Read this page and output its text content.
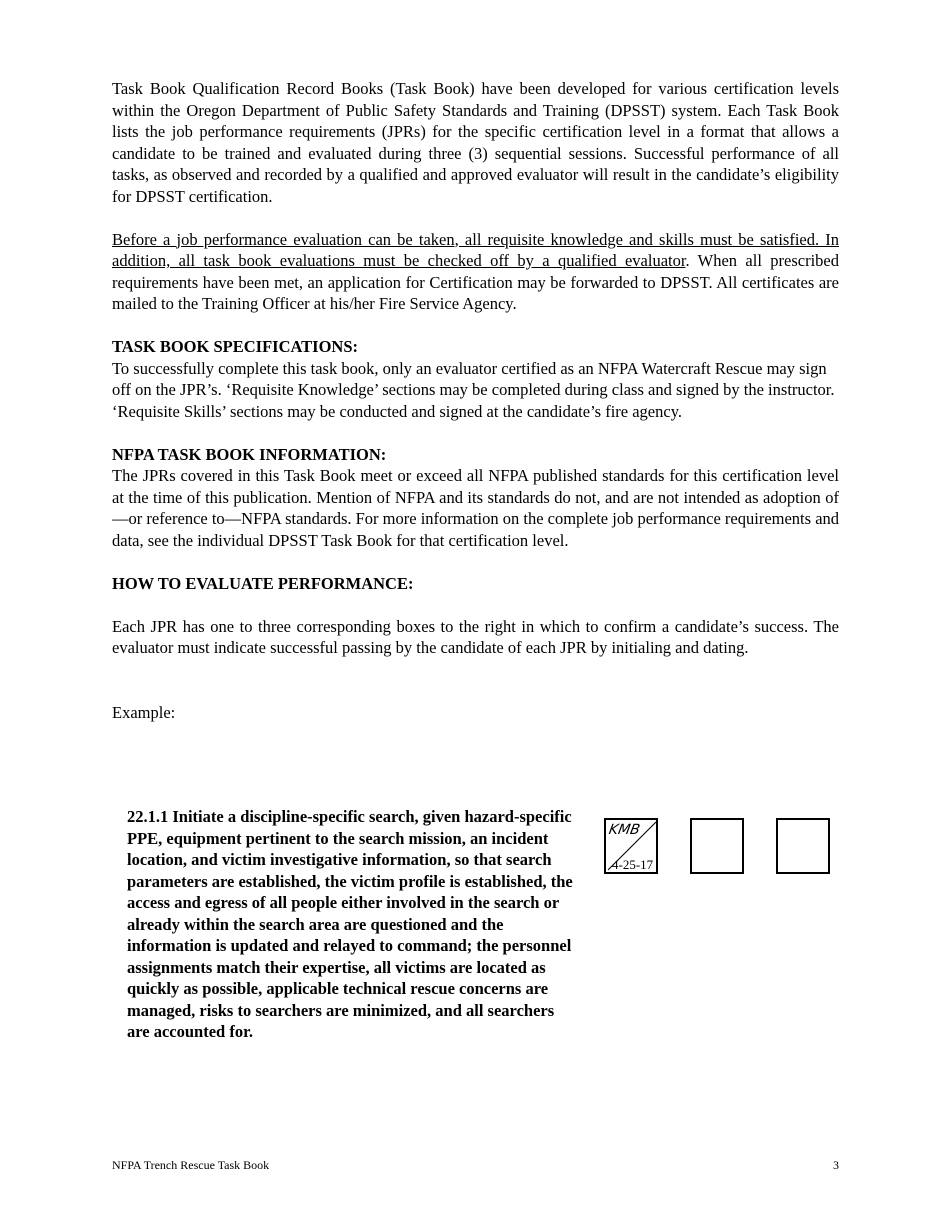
Task Book Qualification Record Books (Task Book) have been developed for various certification levels within the Oregon Department of Public Safety Standards and Training (DPSST) system. Each Task Book lists the job performance requirements (JPRs) for the specific certification level in a format that allows a candidate to be trained and evaluated during three (3) sequential sessions. Successful performance of all tasks, as observed and recorded by a qualified and approved evaluator will result in the candidate’s eligibility for DPSST certification.

Before a job performance evaluation can be taken, all requisite knowledge and skills must be satisfied. In addition, all task book evaluations must be checked off by a qualified evaluator. When all prescribed requirements have been met, an application for Certification may be forwarded to DPSST. All certificates are mailed to the Training Officer at his/her Fire Service Agency.

TASK BOOK SPECIFICATIONS:

To successfully complete this task book, only an evaluator certified as an NFPA Watercraft Rescue may sign off on the JPR’s. ‘Requisite Knowledge’ sections may be completed during class and signed by the instructor. ‘Requisite Skills’ sections may be conducted and signed at the candidate’s fire agency.

NFPA TASK BOOK INFORMATION:

The JPRs covered in this Task Book meet or exceed all NFPA published standards for this certification level at the time of this publication. Mention of NFPA and its standards do not, and are not intended as adoption of—or reference to—NFPA standards. For more information on the complete job performance requirements and data, see the individual DPSST Task Book for that certification level.

HOW TO EVALUATE PERFORMANCE:

Each JPR has one to three corresponding boxes to the right in which to confirm a candidate’s success. The evaluator must indicate successful passing by the candidate of each JPR by initialing and dating.

Example:

22.1.1 Initiate a discipline-specific search, given hazard-specific PPE, equipment pertinent to the search mission, an incident location, and victim investigative information, so that search parameters are established, the victim profile is established, the access and egress of all people either involved in the search or already within the search area are questioned and the information is updated and relayed to command; the personnel assignments match their expertise, all victims are located as quickly as possible, applicable technical rescue concerns are managed, risks to searchers are minimized, and all searchers are accounted for.
KMB
4-25-17
NFPA Trench Rescue Task Book	3
